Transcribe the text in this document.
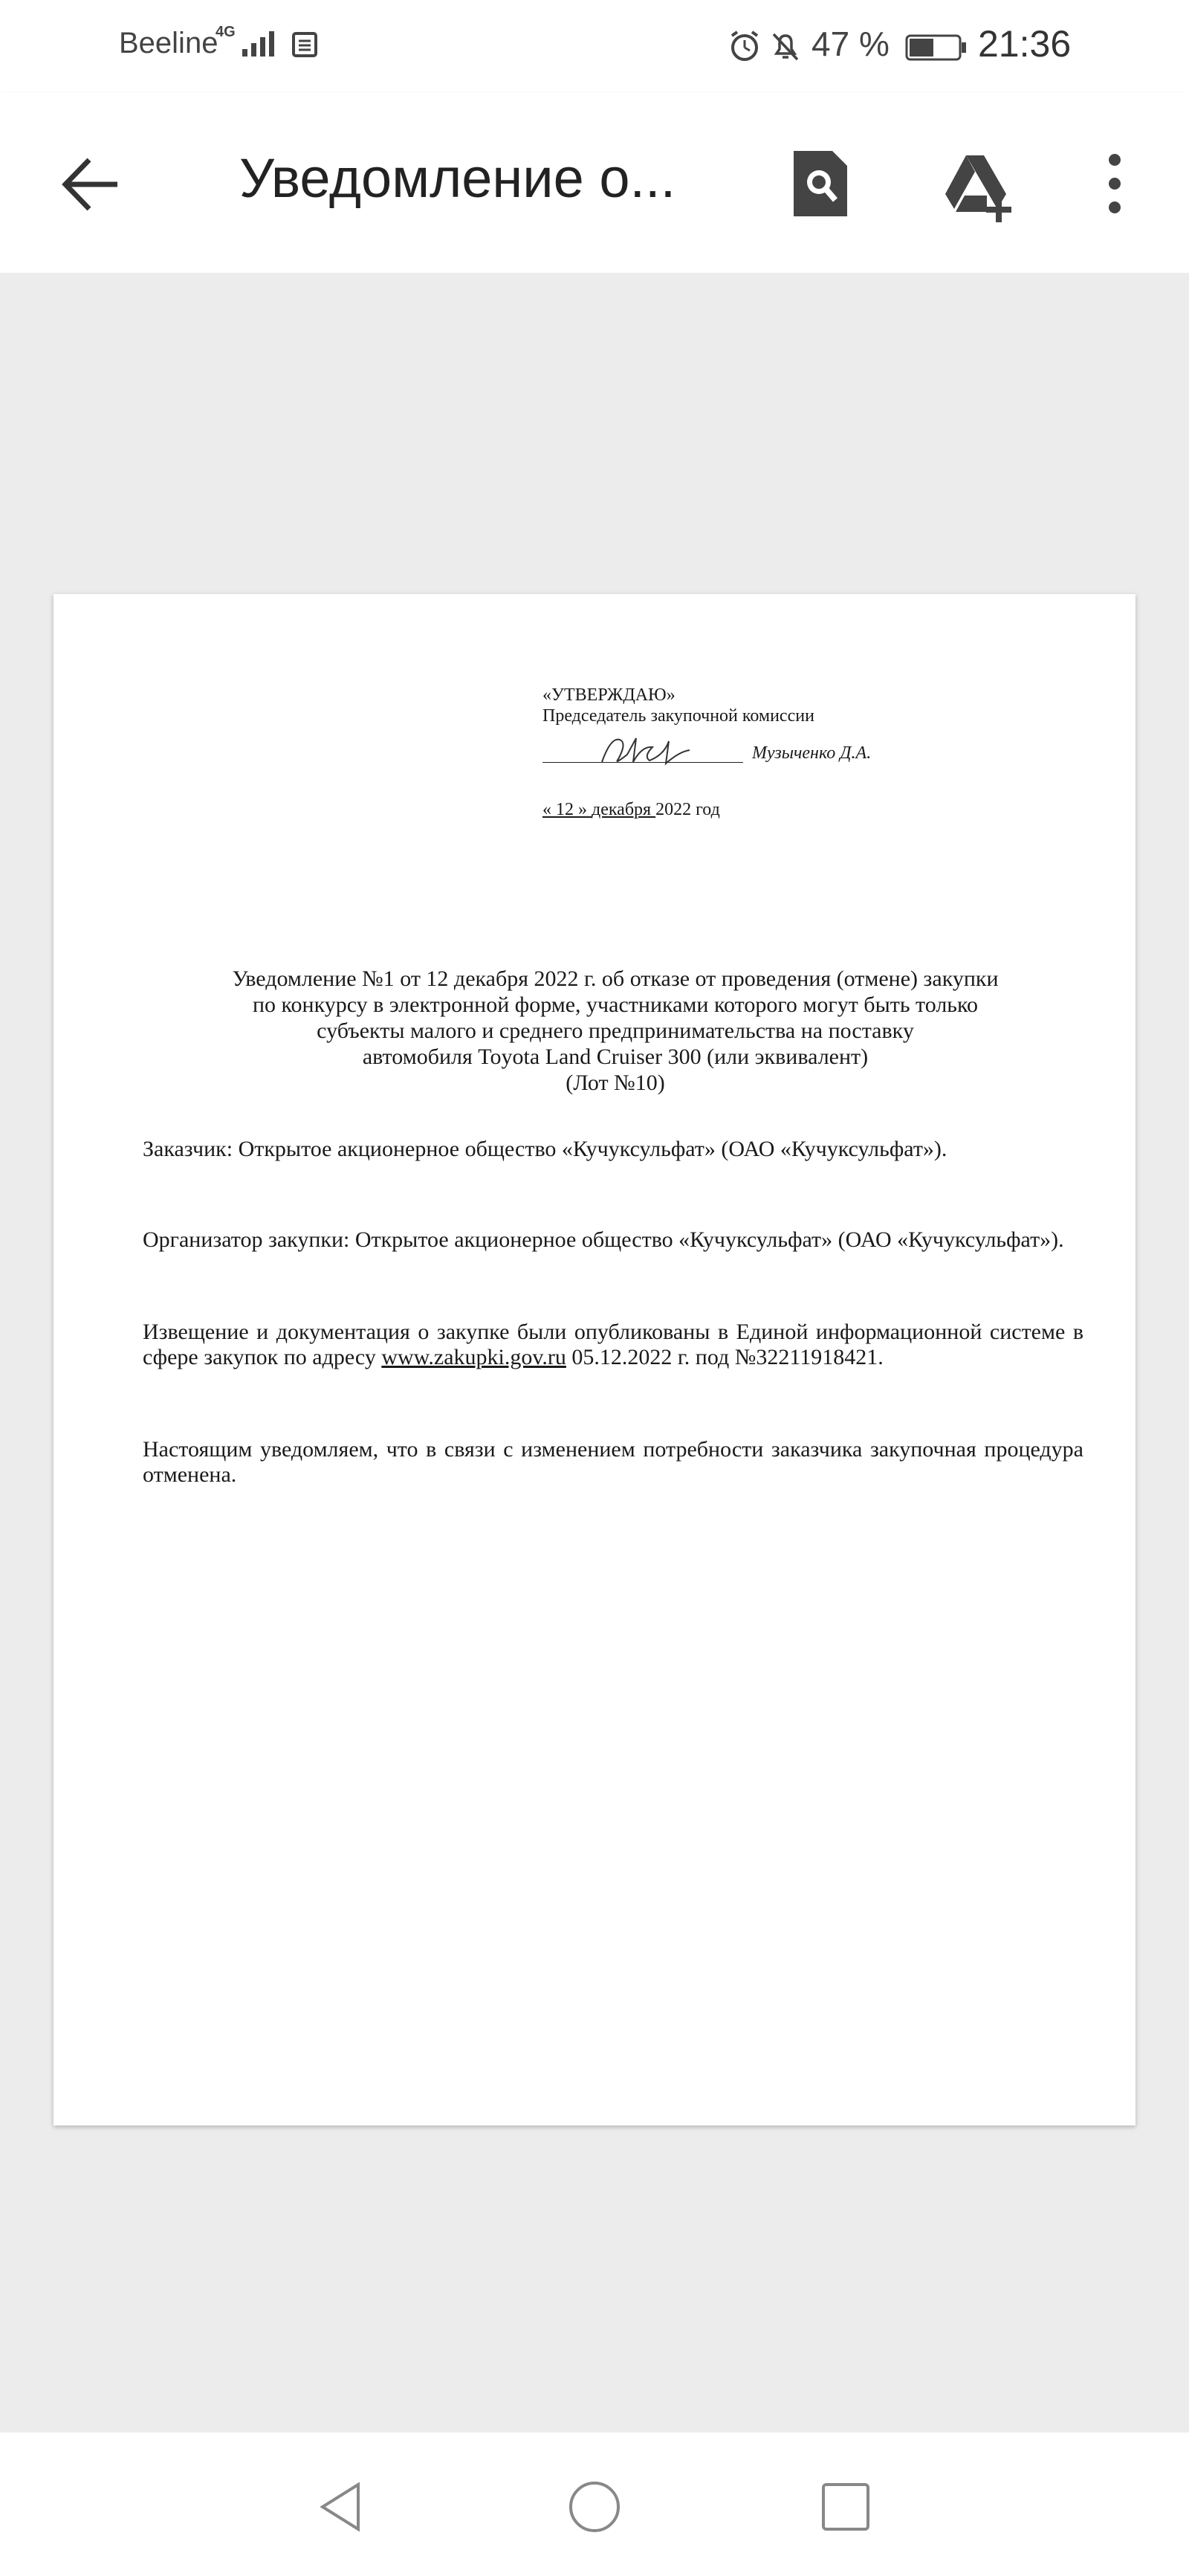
Beeline
4G	47 % 21:36
Уведомление о...
«УТВЕРЖДАЮ»
Председатель закупочной комиссии
Музыченко Д.А.
« 12 » декабря 2022 год
Уведомление №1 от 12 декабря 2022 г. об отказе от проведения (отмене) закупки
по конкурсу в электронной форме, участниками которого могут быть только
субъекты малого и среднего предпринимательства на поставку
автомобиля Toyota Land Cruiser 300 (или эквивалент)
(Лот №10)
Заказчик: Открытое акционерное общество «Кучуксульфат» (ОАО «Кучуксульфат»).
Организатор закупки: Открытое акционерное общество «Кучуксульфат» (ОАО «Кучуксульфат»).
Извещение и документация о закупке были опубликованы в Единой информационной системе в сфере закупок по адресу www.zakupki.gov.ru 05.12.2022 г. под №32211918421.
Настоящим уведомляем, что в связи с изменением потребности заказчика закупочная процедура отменена.
